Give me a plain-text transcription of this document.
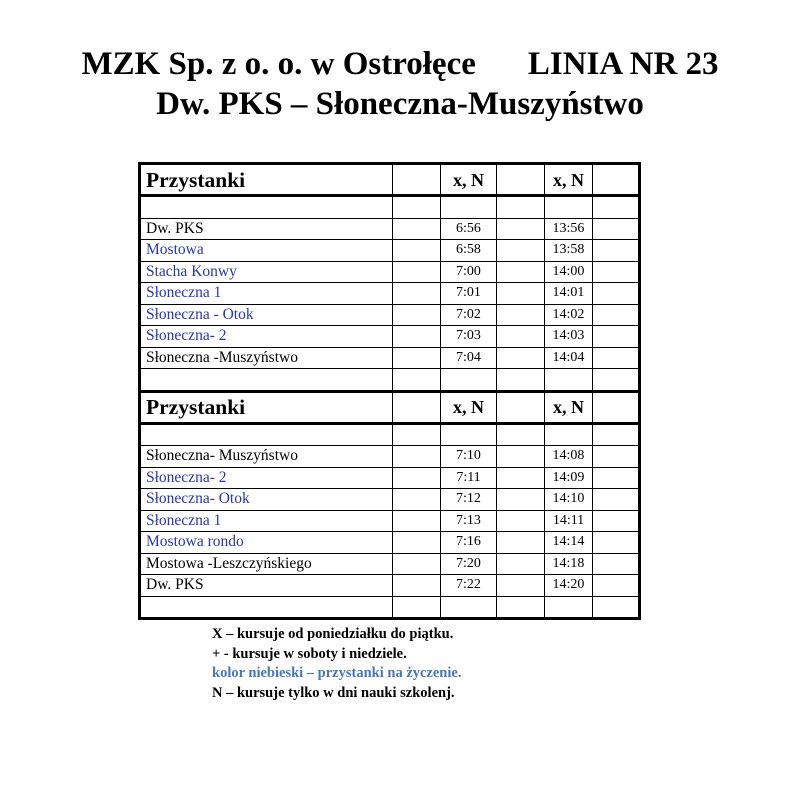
MZK Sp. z o. o. w Ostrołęce LINIA NR 23
Dw. PKS – Słoneczna-Muszyństwo
Przystanki		x, N		x, N	

Dw. PKS		6:56		13:56	
Mostowa		6:58		13:58	
Stacha Konwy		7:00		14:00	
Słoneczna 1		7:01		14:01	
Słoneczna - Otok		7:02		14:02	
Słoneczna- 2		7:03		14:03	
Słoneczna -Muszyństwo		7:04		14:04	

Przystanki		x, N		x, N	

Słoneczna- Muszyństwo		7:10		14:08	
Słoneczna- 2		7:11		14:09	
Słoneczna- Otok		7:12		14:10	
Słoneczna 1		7:13		14:11	
Mostowa rondo		7:16		14:14	
Mostowa -Leszczyńskiego		7:20		14:18	
Dw. PKS		7:22		14:20	

X – kursuje od poniedziałku do piątku.
+ - kursuje w soboty i niedziele.
kolor niebieski – przystanki na życzenie.
N – kursuje tylko w dni nauki szkolenj.
